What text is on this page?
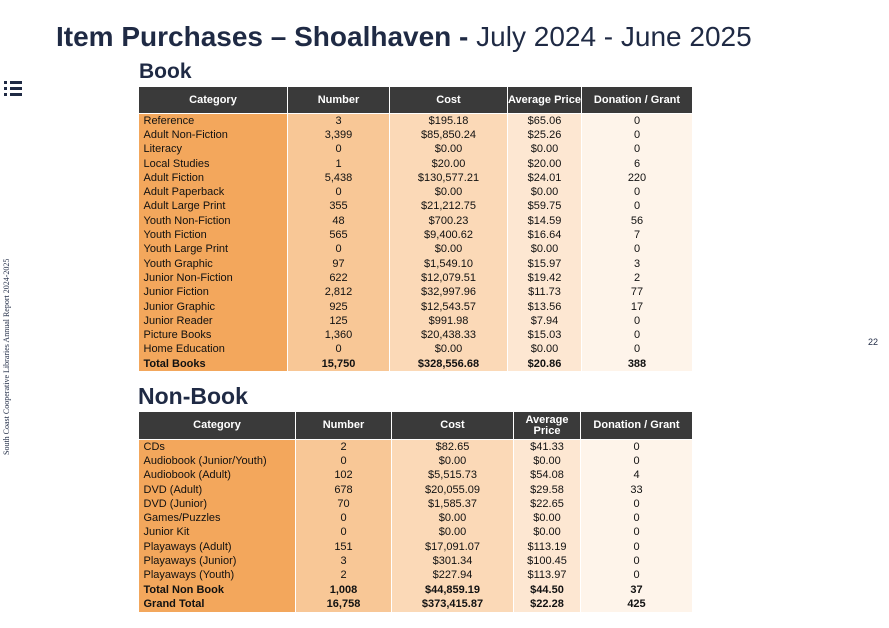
South Coast Cooperative Libraries Annual Report 2024-2025	22
Item Purchases – Shoalhaven - July 2024 - June 2025
Book
Category	Number	Cost	Average Price	Donation / Grant
Reference	3	$195.18	$65.06	0
Adult Non-Fiction	3,399	$85,850.24	$25.26	0
Literacy	0	$0.00	$0.00	0
Local Studies	1	$20.00	$20.00	6
Adult Fiction	5,438	$130,577.21	$24.01	220
Adult Paperback	0	$0.00	$0.00	0
Adult Large Print	355	$21,212.75	$59.75	0
Youth Non-Fiction	48	$700.23	$14.59	56
Youth Fiction	565	$9,400.62	$16.64	7
Youth Large Print	0	$0.00	$0.00	0
Youth Graphic	97	$1,549.10	$15.97	3
Junior Non-Fiction	622	$12,079.51	$19.42	2
Junior Fiction	2,812	$32,997.96	$11.73	77
Junior Graphic	925	$12,543.57	$13.56	17
Junior Reader	125	$991.98	$7.94	0
Picture Books	1,360	$20,438.33	$15.03	0
Home Education	0	$0.00	$0.00	0
Total Books	15,750	$328,556.68	$20.86	388
Non-Book
Category	Number	Cost	Average Price	Donation / Grant
CDs	2	$82.65	$41.33	0
Audiobook (Junior/Youth)	0	$0.00	$0.00	0
Audiobook (Adult)	102	$5,515.73	$54.08	4
DVD (Adult)	678	$20,055.09	$29.58	33
DVD (Junior)	70	$1,585.37	$22.65	0
Games/Puzzles	0	$0.00	$0.00	0
Junior Kit	0	$0.00	$0.00	0
Playaways (Adult)	151	$17,091.07	$113.19	0
Playaways (Junior)	3	$301.34	$100.45	0
Playaways (Youth)	2	$227.94	$113.97	0
Total Non Book	1,008	$44,859.19	$44.50	37
Grand Total	16,758	$373,415.87	$22.28	425
